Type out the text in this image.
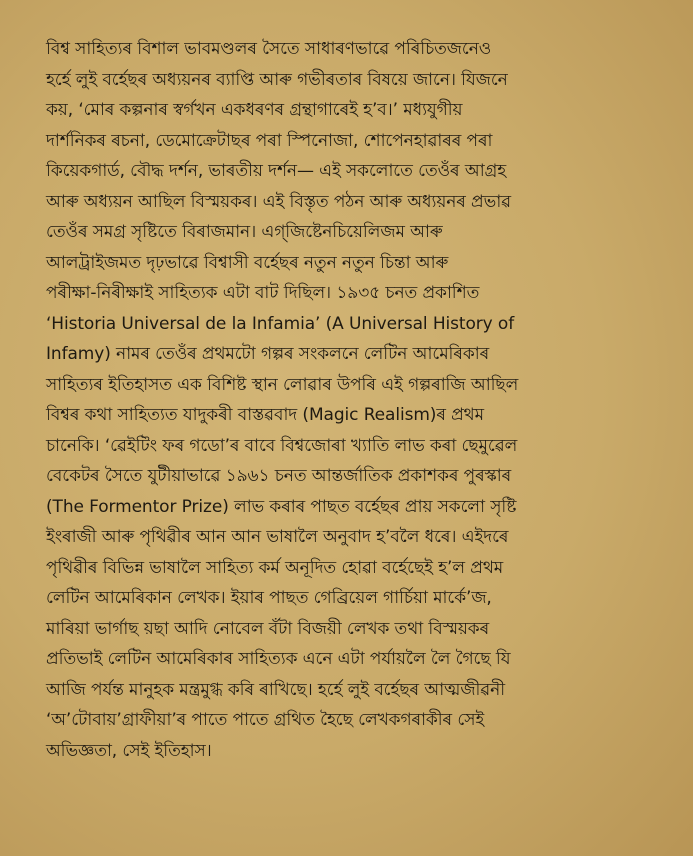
বিশ্ব সাহিত্যৰ বিশাল ভাবমণ্ডলৰ সৈতে সাধাৰণভাৱে পৰিচিতজনেও
হৰ্হে লুই বৰ্হেছৰ অধ্যয়নৰ ব্যাপ্তি আৰু গভীৰতাৰ বিষয়ে জানে। যিজনে
কয়, ‘মোৰ কল্পনাৰ স্বৰ্গখন একধৰণৰ গ্ৰন্থাগাৰেই হ’ব।’ মধ্যযুগীয়
দাৰ্শনিকৰ ৰচনা, ডেমোক্ৰেটাছৰ পৰা স্পিনোজা, শোপেনহাৱাৰৰ পৰা
কিয়েকগাৰ্ড, বৌদ্ধ দৰ্শন, ভাৰতীয় দৰ্শন— এই সকলোতে তেওঁৰ আগ্ৰহ
আৰু অধ্যয়ন আছিল বিস্ময়কৰ। এই বিস্তৃত পঠন আৰু অধ্যয়নৰ প্ৰভাৱ
তেওঁৰ সমগ্ৰ সৃষ্টিতে বিৰাজমান। এগ্‌জিষ্টেনচিয়েলিজম আৰু
আলট্ৰাইজমত দৃঢ়ভাৱে বিশ্বাসী বৰ্হেছৰ নতুন নতুন চিন্তা আৰু
পৰীক্ষা-নিৰীক্ষাই সাহিত্যক এটা বাট দিছিল। ১৯৩৫ চনত প্ৰকাশিত
‘Historia Universal de la Infamia’ (A Universal History of
Infamy) নামৰ তেওঁৰ প্ৰথমটো গল্পৰ সংকলনে লেটিন আমেৰিকাৰ
সাহিত্যৰ ইতিহাসত এক বিশিষ্ট স্থান লোৱাৰ উপৰি এই গল্পৰাজি আছিল
বিশ্বৰ কথা সাহিত্যত যাদুকৰী বাস্তৱবাদ (Magic Realism)ৰ প্ৰথম
চানেকি। ‘ৱেইটিং ফৰ গডো’ৰ বাবে বিশ্বজোৰা খ্যাতি লাভ কৰা ছেমুৱেল
বেকেটৰ সৈতে যুটীয়াভাৱে ১৯৬১ চনত আন্তৰ্জাতিক প্ৰকাশকৰ পুৰস্কাৰ
(The Formentor Prize) লাভ কৰাৰ পাছত বৰ্হেছৰ প্ৰায় সকলো সৃষ্টি
ইংৰাজী আৰু পৃথিৱীৰ আন আন ভাষালৈ অনুবাদ হ’বলৈ ধৰে। এইদৰে
পৃথিৱীৰ বিভিন্ন ভাষালৈ সাহিত্য কৰ্ম অনূদিত হোৱা বৰ্হেছেই হ’ল প্ৰথম
লেটিন আমেৰিকান লেখক। ইয়াৰ পাছত গেব্ৰিয়েল গাৰ্চিয়া মাৰ্কে’জ,
মাৰিয়া ভাৰ্গাছ য়ছা আদি নোবেল বঁটা বিজয়ী লেখক তথা বিস্ময়কৰ
প্ৰতিভাই লেটিন আমেৰিকাৰ সাহিত্যক এনে এটা পৰ্যায়লৈ লৈ গৈছে যি
আজি পৰ্যন্ত মানুহক মন্ত্ৰমুগ্ধ কৰি ৰাখিছে। হৰ্হে লুই বৰ্হেছৰ আত্মজীৱনী
‘অ’টোবায়’গ্ৰাফীয়া’ৰ পাতে পাতে গ্ৰথিত হৈছে লেখকগৰাকীৰ সেই
অভিজ্ঞতা, সেই ইতিহাস।
